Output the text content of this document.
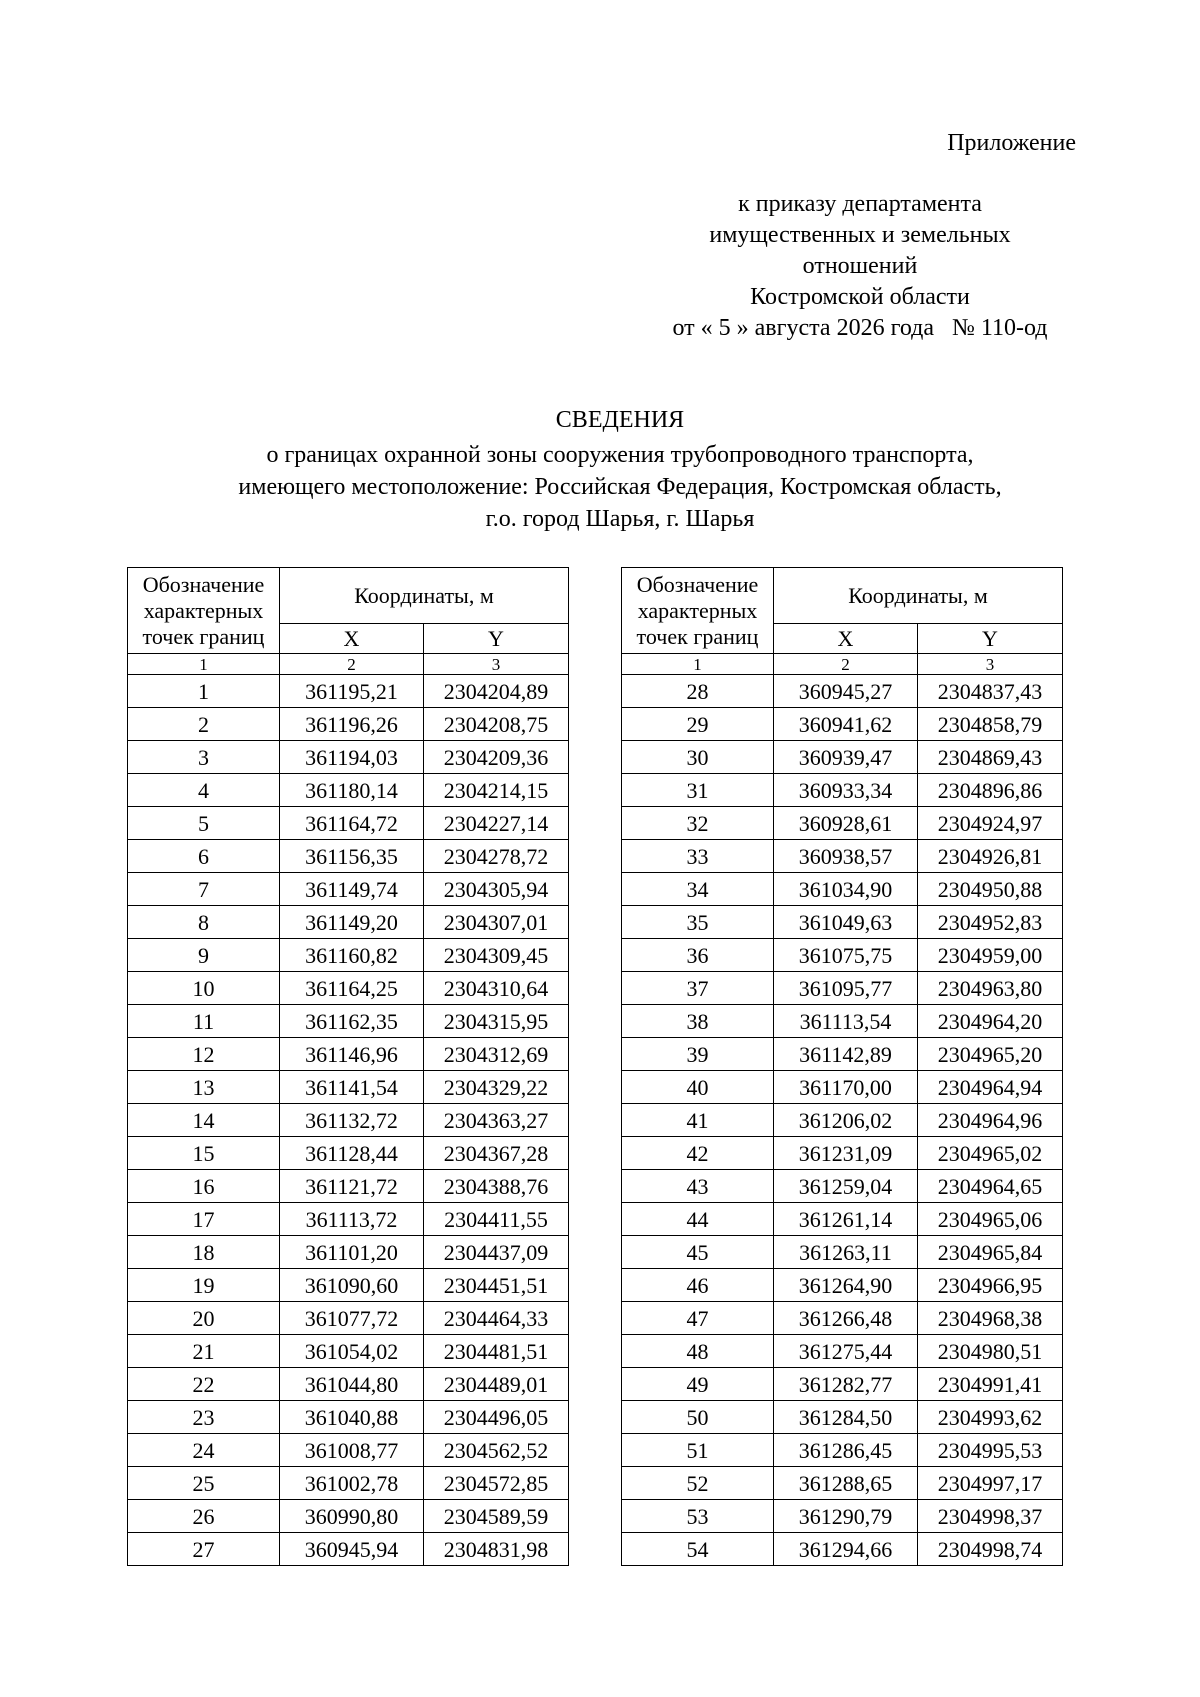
Приложение
к приказу департамента
имущественных и земельных
отношений
Костромской области
от « 5 » августа 2026 года   № 110-од
СВЕДЕНИЯ
о границах охранной зоны сооружения трубопроводного транспорта,
имеющего местоположение: Российская Федерация, Костромская область,
г.о. город Шарья, г. Шарья
Обозначение характерных точек границ	Координаты, м	
	X	Y
1	2	3
1	361195,21	2304204,89
2	361196,26	2304208,75
3	361194,03	2304209,36
4	361180,14	2304214,15
5	361164,72	2304227,14
6	361156,35	2304278,72
7	361149,74	2304305,94
8	361149,20	2304307,01
9	361160,82	2304309,45
10	361164,25	2304310,64
11	361162,35	2304315,95
12	361146,96	2304312,69
13	361141,54	2304329,22
14	361132,72	2304363,27
15	361128,44	2304367,28
16	361121,72	2304388,76
17	361113,72	2304411,55
18	361101,20	2304437,09
19	361090,60	2304451,51
20	361077,72	2304464,33
21	361054,02	2304481,51
22	361044,80	2304489,01
23	361040,88	2304496,05
24	361008,77	2304562,52
25	361002,78	2304572,85
26	360990,80	2304589,59
27	360945,94	2304831,98
Обозначение характерных точек границ	Координаты, м	
	X	Y
1	2	3
28	360945,27	2304837,43
29	360941,62	2304858,79
30	360939,47	2304869,43
31	360933,34	2304896,86
32	360928,61	2304924,97
33	360938,57	2304926,81
34	361034,90	2304950,88
35	361049,63	2304952,83
36	361075,75	2304959,00
37	361095,77	2304963,80
38	361113,54	2304964,20
39	361142,89	2304965,20
40	361170,00	2304964,94
41	361206,02	2304964,96
42	361231,09	2304965,02
43	361259,04	2304964,65
44	361261,14	2304965,06
45	361263,11	2304965,84
46	361264,90	2304966,95
47	361266,48	2304968,38
48	361275,44	2304980,51
49	361282,77	2304991,41
50	361284,50	2304993,62
51	361286,45	2304995,53
52	361288,65	2304997,17
53	361290,79	2304998,37
54	361294,66	2304998,74
